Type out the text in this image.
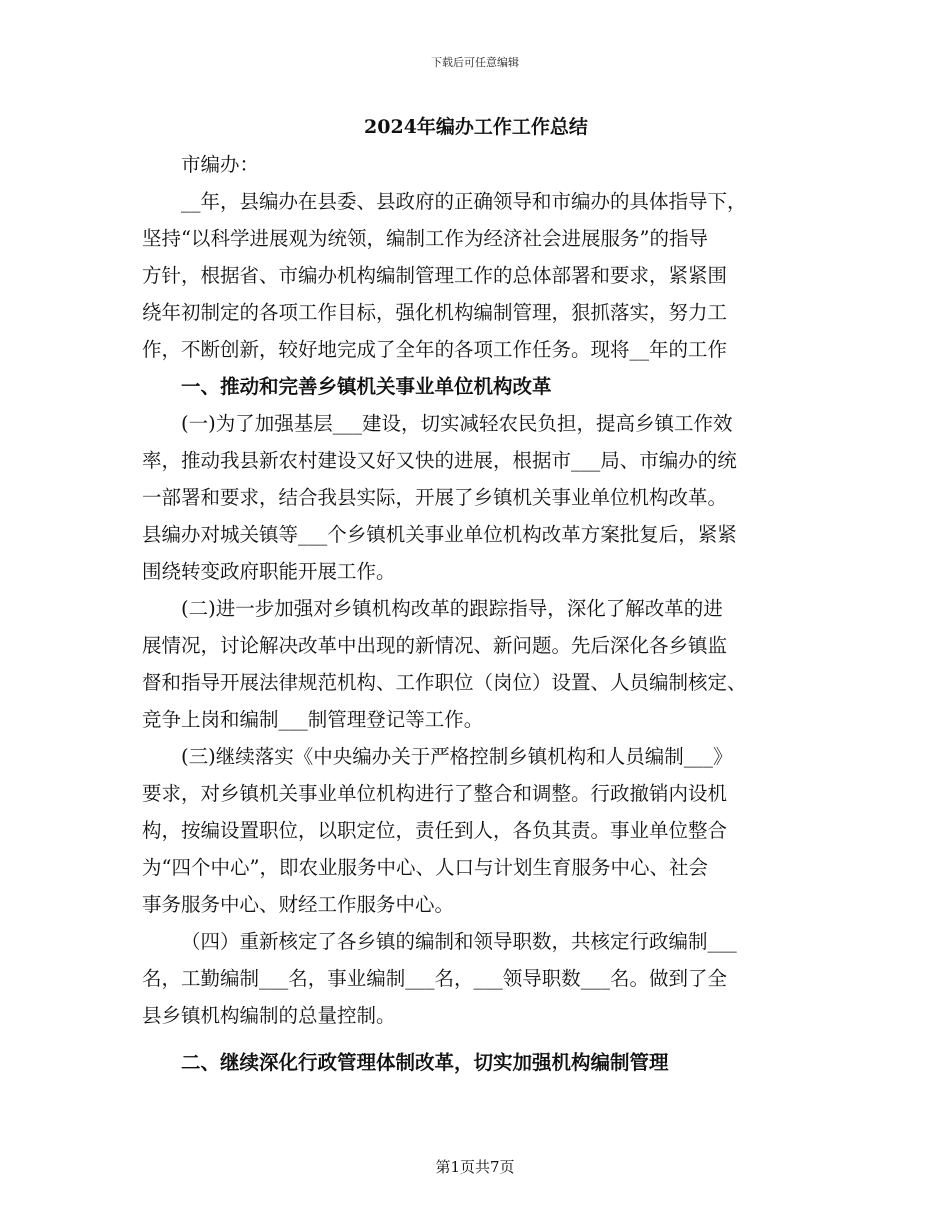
下载后可任意编辑
2024年编办工作工作总结

市编办：

__年，县编办在县委、县政府的正确领导和市编办的具体指导下，

坚持“以科学进展观为统领，编制工作为经济社会进展服务”的指导

方针，根据省、市编办机构编制管理工作的总体部署和要求，紧紧围

绕年初制定的各项工作目标，强化机构编制管理，狠抓落实，努力工

作，不断创新，较好地完成了全年的各项工作任务。现将__年的工作

一、推动和完善乡镇机关事业单位机构改革

(一)为了加强基层___建设，切实减轻农民负担，提高乡镇工作效

率，推动我县新农村建设又好又快的进展，根据市___局、市编办的统

一部署和要求，结合我县实际，开展了乡镇机关事业单位机构改革。

县编办对城关镇等___个乡镇机关事业单位机构改革方案批复后，紧紧

围绕转变政府职能开展工作。

(二)进一步加强对乡镇机构改革的跟踪指导，深化了解改革的进

展情况，讨论解决改革中出现的新情况、新问题。先后深化各乡镇监

督和指导开展法律规范机构、工作职位（岗位）设置、人员编制核定、

竞争上岗和编制___制管理登记等工作。

(三)继续落实《中央编办关于严格控制乡镇机构和人员编制___》

要求，对乡镇机关事业单位机构进行了整合和调整。行政撤销内设机

构，按编设置职位，以职定位，责任到人，各负其责。事业单位整合

为“四个中心”，即农业服务中心、人口与计划生育服务中心、社会

事务服务中心、财经工作服务中心。

（四）重新核定了各乡镇的编制和领导职数，共核定行政编制___

名，工勤编制___名，事业编制___名，___领导职数___名。做到了全

县乡镇机构编制的总量控制。

二、继续深化行政管理体制改革，切实加强机构编制管理

第1页共7页
